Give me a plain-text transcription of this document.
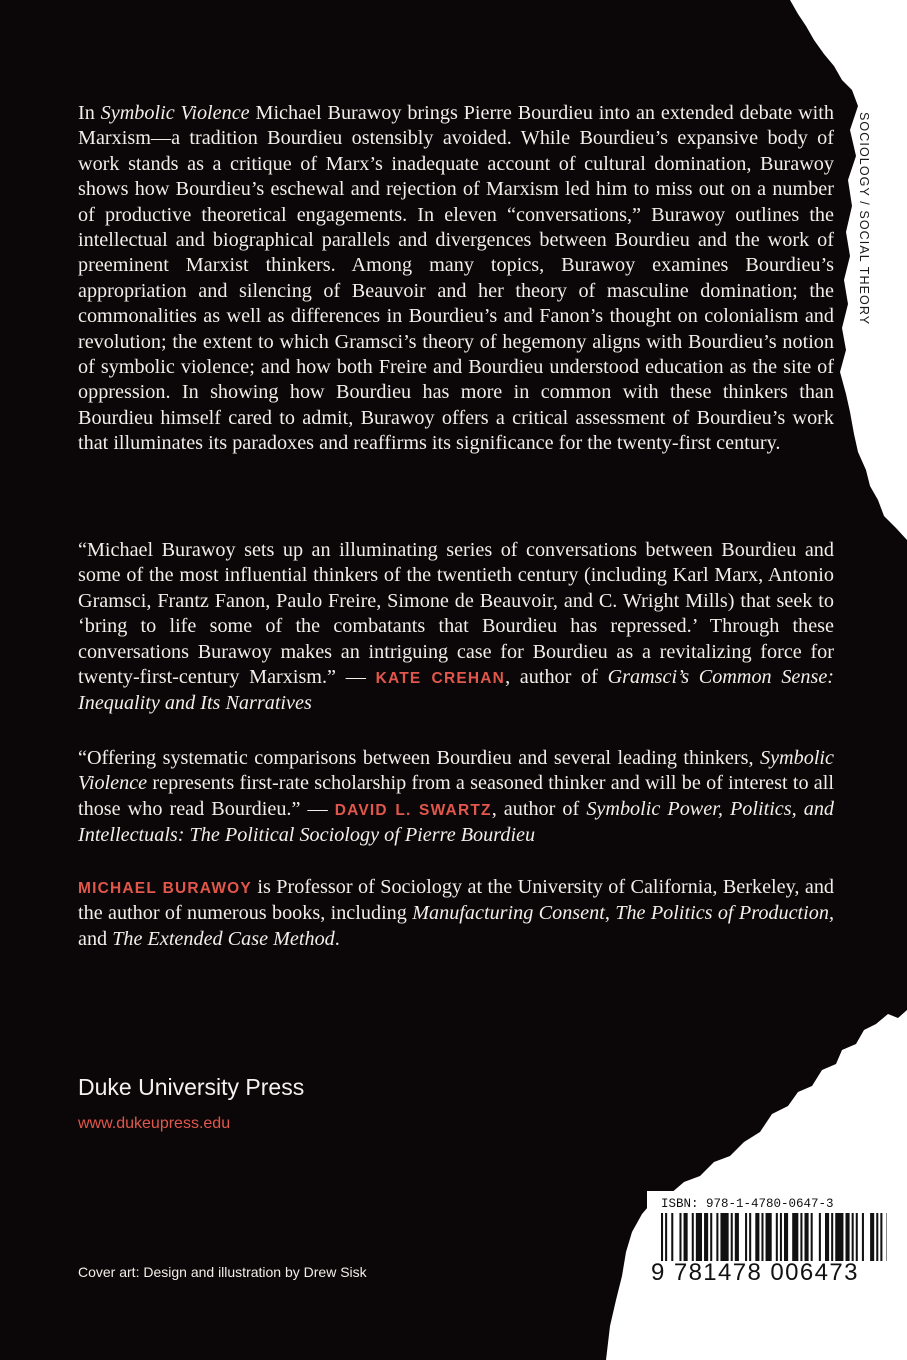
SOCIOLOGY / SOCIAL THEORY

In Symbolic Violence Michael Burawoy brings Pierre Bourdieu into an extended debate with Marxism—a tradition Bourdieu ostensibly avoided. While Bourdieu’s expansive body of work stands as a critique of Marx’s inadequate account of cultural domination, Burawoy shows how Bourdieu’s eschewal and rejection of Marxism led him to miss out on a number of productive theoretical engagements. In eleven “conversations,” Burawoy outlines the intellectual and biographical parallels and divergences between Bourdieu and the work of preeminent Marxist thinkers. Among many topics, Burawoy examines Bourdieu’s appropriation and silencing of Beauvoir and her theory of masculine domination; the commonalities as well as differences in Bourdieu’s and Fanon’s thought on colonialism and revolution; the extent to which Gramsci’s theory of hegemony aligns with Bourdieu’s notion of symbolic violence; and how both Freire and Bourdieu understood education as the site of oppression. In showing how Bourdieu has more in common with these thinkers than Bourdieu himself cared to admit, Burawoy offers a critical assessment of Bourdieu’s work that illuminates its paradoxes and reaffirms its significance for the twenty-first century.

“Michael Burawoy sets up an illuminating series of conversations between Bourdieu and some of the most influential thinkers of the twentieth century (including Karl Marx, Antonio Gramsci, Frantz Fanon, Paulo Freire, Simone de Beauvoir, and C. Wright Mills) that seek to ‘bring to life some of the combatants that Bourdieu has repressed.’ Through these conversations Burawoy makes an intriguing case for Bourdieu as a revitalizing force for twenty-first-century Marxism.” — KATE CREHAN, author of Gramsci’s Common Sense: Inequality and Its Narratives

“Offering systematic comparisons between Bourdieu and several leading thinkers, Symbolic Violence represents first-rate scholarship from a seasoned thinker and will be of interest to all those who read Bourdieu.” — DAVID L. SWARTZ, author of Symbolic Power, Politics, and Intellectuals: The Political Sociology of Pierre Bourdieu

MICHAEL BURAWOY is Professor of Sociology at the University of California, Berkeley, and the author of numerous books, including Manufacturing Consent, The Politics of Production, and The Extended Case Method.

Duke University Press
www.dukeupress.edu
Cover art: Design and illustration by Drew Sisk
ISBN: 978-1-4780-0647-3
9 781478 006473
